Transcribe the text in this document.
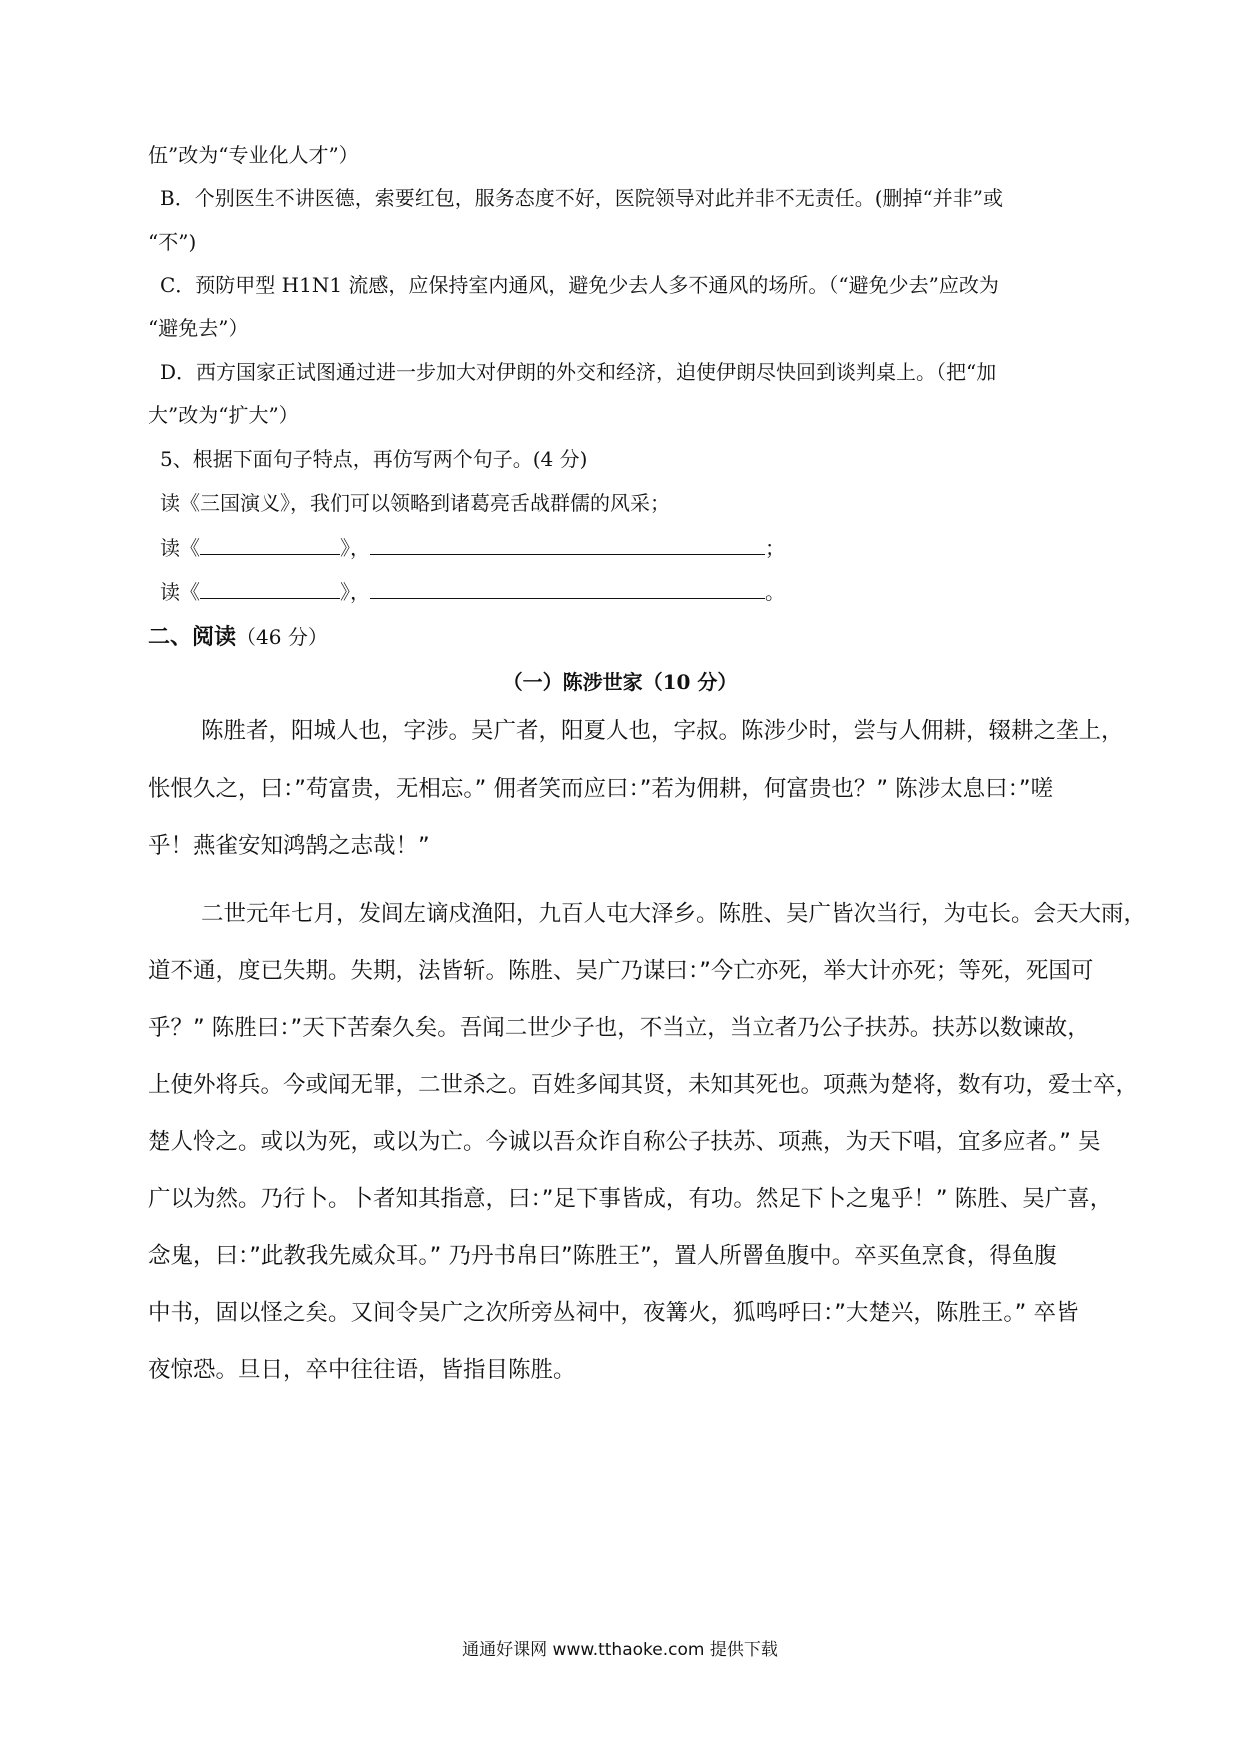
伍”改为“专业化人才”）
B．个别医生不讲医德，索要红包，服务态度不好，医院领导对此并非不无责任。(删掉“并非”或
“不”)
C．预防甲型 H1N1 流感，应保持室内通风，避免少去人多不通风的场所。（“避免少去”应改为
“避免去”）
D．西方国家正试图通过进一步加大对伊朗的外交和经济，迫使伊朗尽快回到谈判桌上。（把“加
大”改为“扩大”）
5、根据下面句子特点，再仿写两个句子。(4 分)
读《三国演义》，我们可以领略到诸葛亮舌战群儒的风采；
读《	》，	；
读《	》，	。
二、阅读（46 分）
（一）陈涉世家（10 分）
陈胜者，阳城人也，字涉。吴广者，阳夏人也，字叔。陈涉少时，尝与人佣耕，辍耕之垄上，
怅恨久之，曰：”苟富贵，无相忘。” 佣者笑而应曰：”若为佣耕，何富贵也？” 陈涉太息曰：”嗟
乎！燕雀安知鸿鹄之志哉！”
二世元年七月，发闾左谪戍渔阳，九百人屯大泽乡。陈胜、吴广皆次当行，为屯长。会天大雨，
道不通，度已失期。失期，法皆斩。陈胜、吴广乃谋曰：”今亡亦死，举大计亦死；等死，死国可
乎？” 陈胜曰：”天下苦秦久矣。吾闻二世少子也，不当立，当立者乃公子扶苏。扶苏以数谏故，
上使外将兵。今或闻无罪，二世杀之。百姓多闻其贤，未知其死也。项燕为楚将，数有功，爱士卒，
楚人怜之。或以为死，或以为亡。今诚以吾众诈自称公子扶苏、项燕，为天下唱，宜多应者。” 吴
广以为然。乃行卜。卜者知其指意，曰：”足下事皆成，有功。然足下卜之鬼乎！” 陈胜、吴广喜，
念鬼，曰：”此教我先威众耳。” 乃丹书帛曰”陈胜王”，置人所罾鱼腹中。卒买鱼烹食，得鱼腹
中书，固以怪之矣。又间令吴广之次所旁丛祠中，夜篝火，狐鸣呼曰：”大楚兴，陈胜王。” 卒皆
夜惊恐。旦日，卒中往往语，皆指目陈胜。
通通好课网 www.tthaoke.com 提供下载
